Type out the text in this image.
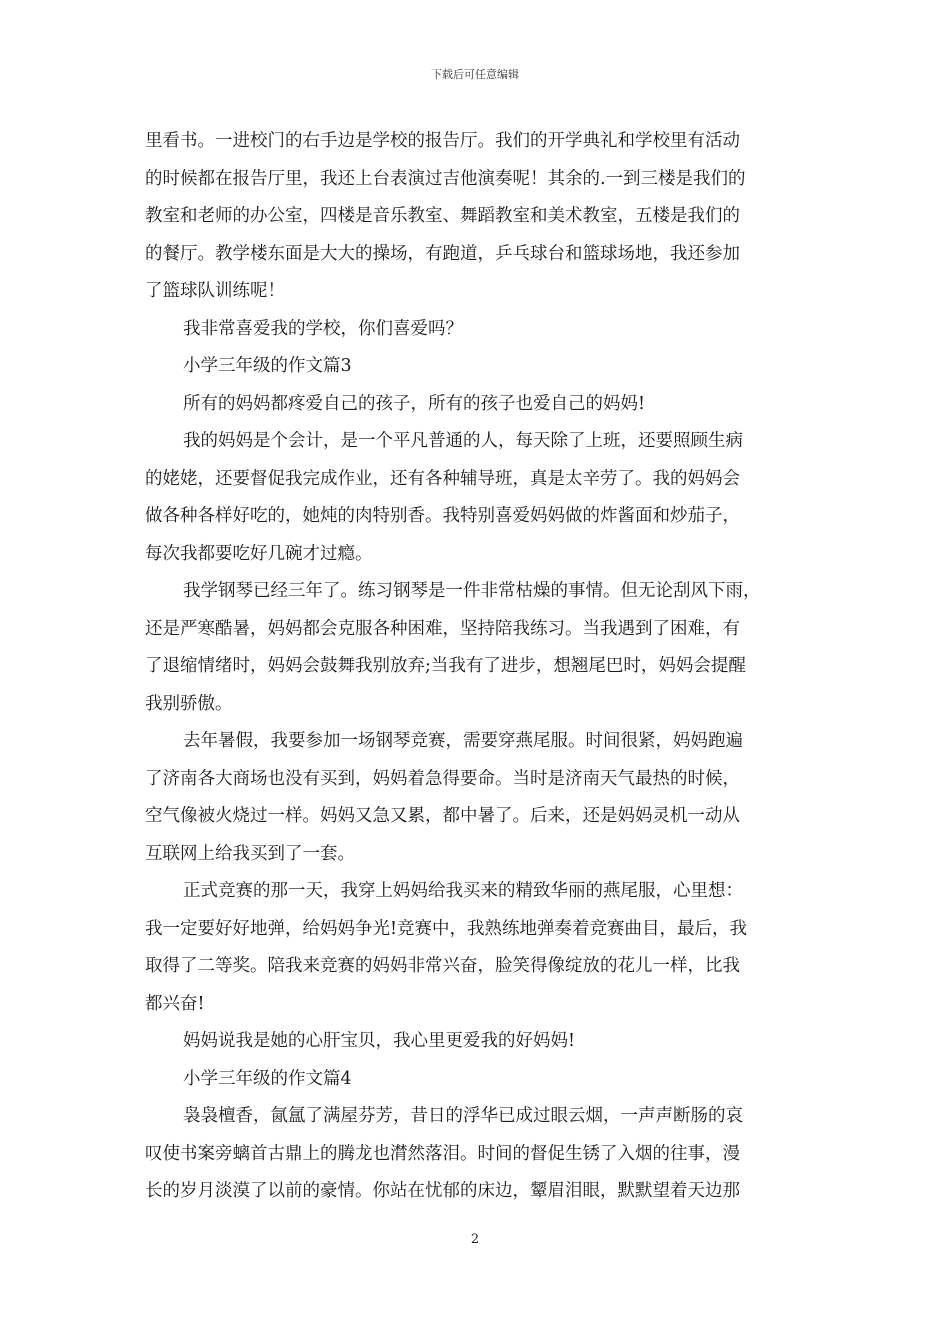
下载后可任意编辑
里看书。一进校门的右手边是学校的报告厅。我们的开学典礼和学校里有活动
的时候都在报告厅里，我还上台表演过吉他演奏呢！其余的.一到三楼是我们的
教室和老师的办公室，四楼是音乐教室、舞蹈教室和美术教室，五楼是我们的
的餐厅。教学楼东面是大大的操场，有跑道，乒乓球台和篮球场地，我还参加
了篮球队训练呢！
我非常喜爱我的学校，你们喜爱吗？
小学三年级的作文篇3
所有的妈妈都疼爱自己的孩子，所有的孩子也爱自己的妈妈!
我的妈妈是个会计，是一个平凡普通的人，每天除了上班，还要照顾生病
的姥姥，还要督促我完成作业，还有各种辅导班，真是太辛劳了。我的妈妈会
做各种各样好吃的，她炖的肉特别香。我特别喜爱妈妈做的炸酱面和炒茄子，
每次我都要吃好几碗才过瘾。
我学钢琴已经三年了。练习钢琴是一件非常枯燥的事情。但无论刮风下雨，
还是严寒酷暑，妈妈都会克服各种困难，坚持陪我练习。当我遇到了困难，有
了退缩情绪时，妈妈会鼓舞我别放弃;当我有了进步，想翘尾巴时，妈妈会提醒
我别骄傲。
去年暑假，我要参加一场钢琴竞赛，需要穿燕尾服。时间很紧，妈妈跑遍
了济南各大商场也没有买到，妈妈着急得要命。当时是济南天气最热的时候，
空气像被火烧过一样。妈妈又急又累，都中暑了。后来，还是妈妈灵机一动从
互联网上给我买到了一套。
正式竞赛的那一天，我穿上妈妈给我买来的精致华丽的燕尾服，心里想：
我一定要好好地弹，给妈妈争光!竞赛中，我熟练地弹奏着竞赛曲目，最后，我
取得了二等奖。陪我来竞赛的妈妈非常兴奋，脸笑得像绽放的花儿一样，比我
都兴奋!
妈妈说我是她的心肝宝贝，我心里更爱我的好妈妈!
小学三年级的作文篇4
袅袅檀香，氤氲了满屋芬芳，昔日的浮华已成过眼云烟，一声声断肠的哀
叹使书案旁螭首古鼎上的腾龙也潸然落泪。时间的督促生锈了入烟的往事，漫
长的岁月淡漠了以前的豪情。你站在忧郁的床边，颦眉泪眼，默默望着天边那
2
